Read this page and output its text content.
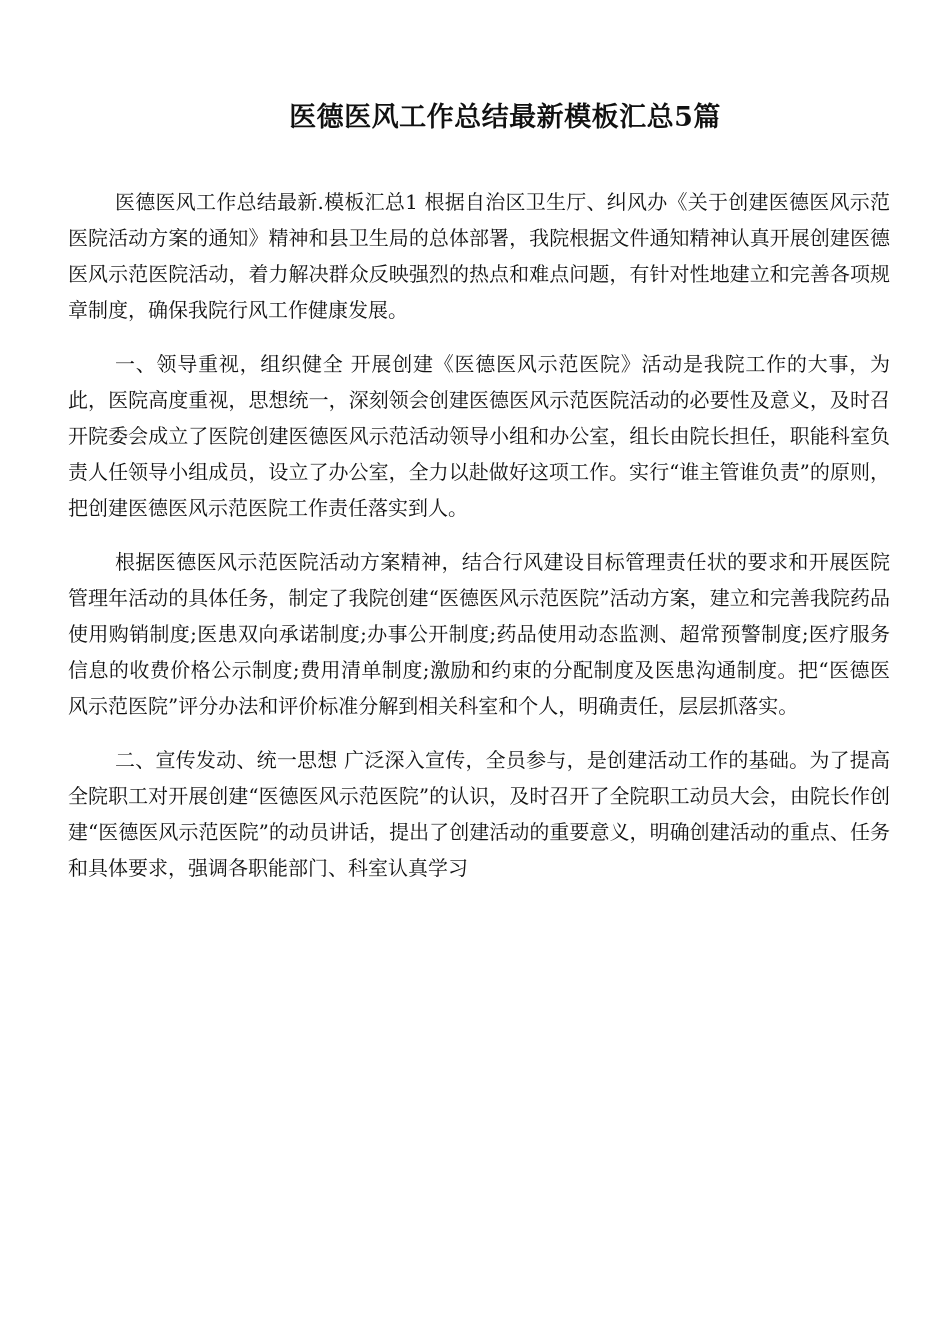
医德医风工作总结最新模板汇总5篇

医德医风工作总结最新.模板汇总1 根据自治区卫生厅、纠风办《关于创建医德医风示范医院活动方案的通知》精神和县卫生局的总体部署，我院根据文件通知精神认真开展创建医德医风示范医院活动，着力解决群众反映强烈的热点和难点问题，有针对性地建立和完善各项规章制度，确保我院行风工作健康发展。

一、领导重视，组织健全 开展创建《医德医风示范医院》活动是我院工作的大事，为此，医院高度重视，思想统一，深刻领会创建医德医风示范医院活动的必要性及意义，及时召开院委会成立了医院创建医德医风示范活动领导小组和办公室，组长由院长担任，职能科室负责人任领导小组成员，设立了办公室，全力以赴做好这项工作。实行“谁主管谁负责”的原则，把创建医德医风示范医院工作责任落实到人。

根据医德医风示范医院活动方案精神，结合行风建设目标管理责任状的要求和开展医院管理年活动的具体任务，制定了我院创建“医德医风示范医院”活动方案，建立和完善我院药品使用购销制度;医患双向承诺制度;办事公开制度;药品使用动态监测、超常预警制度;医疗服务信息的收费价格公示制度;费用清单制度;激励和约束的分配制度及医患沟通制度。把“医德医风示范医院”评分办法和评价标准分解到相关科室和个人，明确责任，层层抓落实。

二、宣传发动、统一思想 广泛深入宣传，全员参与，是创建活动工作的基础。为了提高全院职工对开展创建“医德医风示范医院”的认识，及时召开了全院职工动员大会，由院长作创建“医德医风示范医院”的动员讲话，提出了创建活动的重要意义，明确创建活动的重点、任务和具体要求，强调各职能部门、科室认真学习
